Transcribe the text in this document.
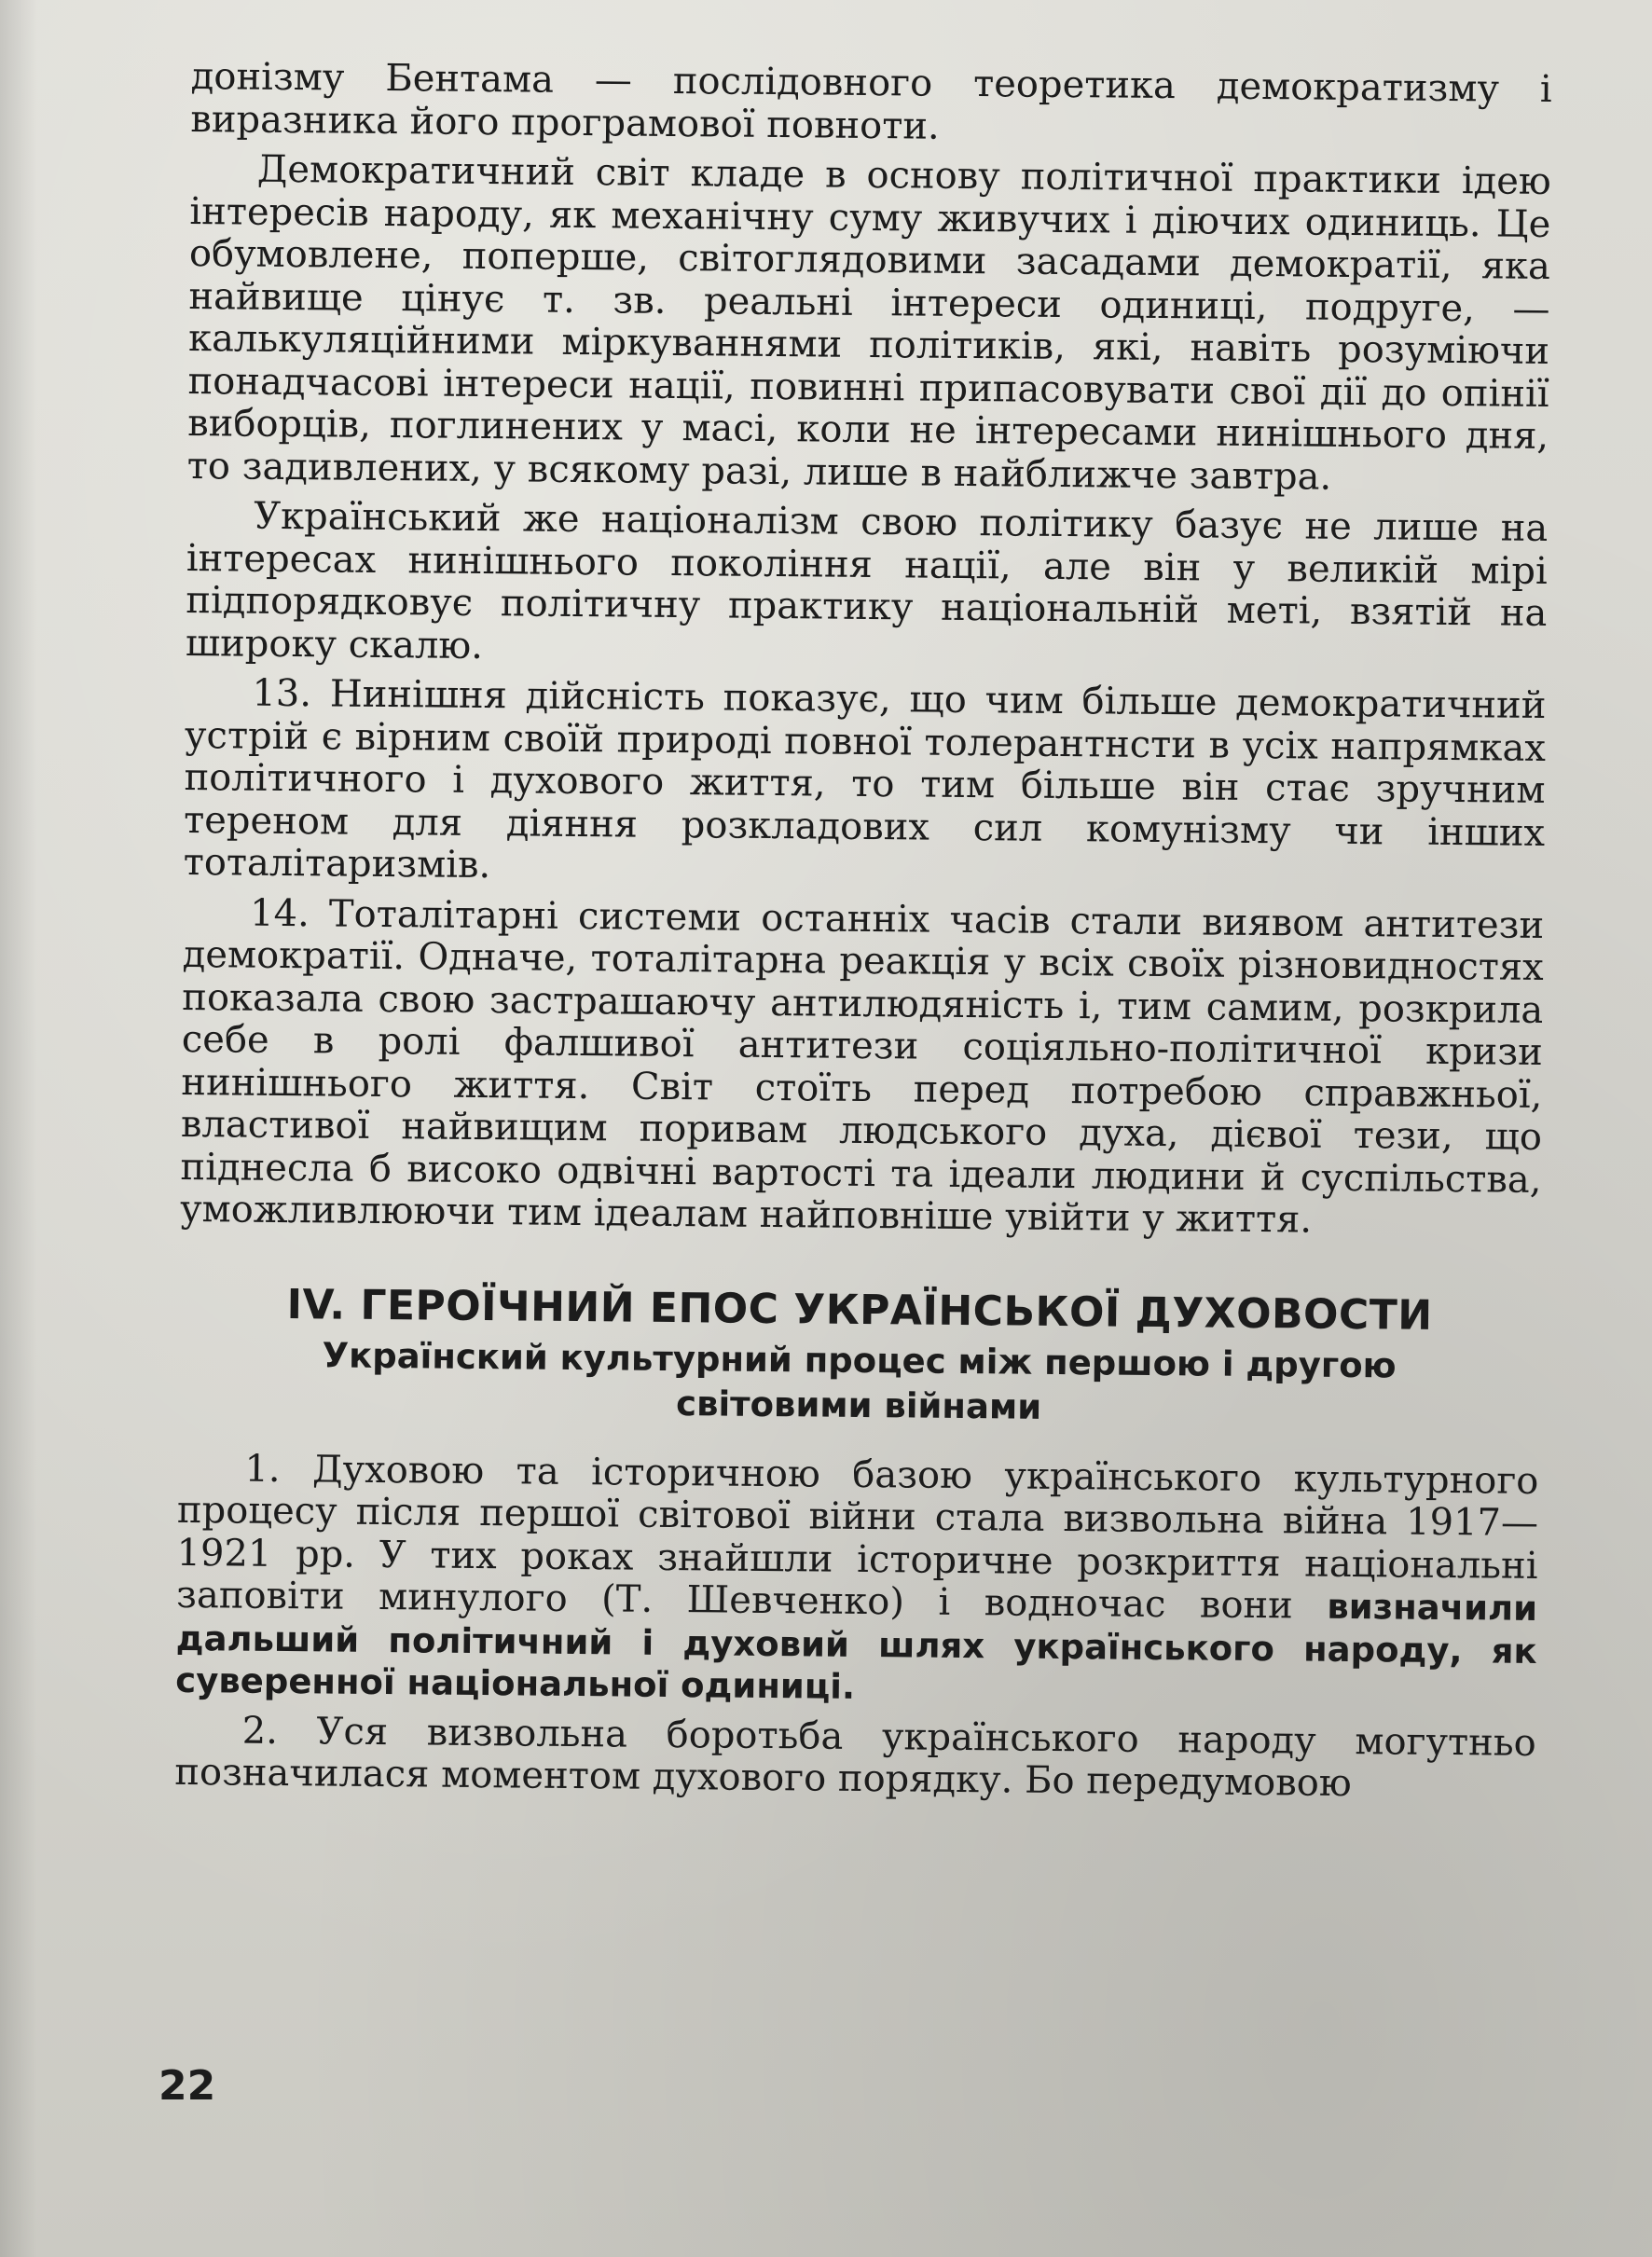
донізму Бентама — послідовного теоретика демократизму і виразника його програмової повноти.

Демократичний світ кладе в основу політичної практики ідею інтересів народу, як механічну суму живучих і діючих одиниць. Це обумовлене, поперше, світоглядовими засадами демократії, яка найвище цінує т. зв. реальні інтереси одиниці, подруге, — калькуляційними міркуваннями політиків, які, навіть розуміючи понадчасові інтереси нації, повинні припасовувати свої дії до опінії виборців, поглинених у масі, коли не інтересами нинішнього дня, то задивлених, у всякому разі, лише в найближче завтра.

Український же націоналізм свою політику базує не лише на інтересах нинішнього покоління нації, але він у великій мірі підпорядковує політичну практику національній меті, взятій на широку скалю.

13. Нинішня дійсність показує, що чим більше демократичний устрій є вірним своїй природі повної толерантнсти в усіх напрямках політичного і духового життя, то тим більше він стає зручним тереном для діяння розкладових сил комунізму чи інших тоталітаризмів.

14. Тоталітарні системи останніх часів стали виявом антитези демократії. Одначе, тоталітарна реакція у всіх своїх різновидностях показала свою застрашаючу антилюдяність і, тим самим, розкрила себе в ролі фалшивої антитези соціяльно-політичної кризи нинішнього життя. Світ стоїть перед потребою справжньої, властивої найвищим поривам людського духа, дієвої тези, що піднесла б високо одвічні вартості та ідеали людини й суспільства, уможливлюючи тим ідеалам найповніше увійти у життя.

IV. ГЕРОЇЧНИЙ ЕПОС УКРАЇНСЬКОЇ ДУХОВОСТИ
Українский культурний процес між першою і другою
світовими війнами

1. Духовою та історичною базою українського культурного процесу після першої світової війни стала визвольна війна 1917—1921 рр. У тих роках знайшли історичне розкриття національні заповіти минулого (Т. Шевченко) і водночас вони визначили дальший політичний і духовий шлях українського народу, як суверенної національної одиниці.

2. Уся визвольна боротьба українського народу могутньо позначилася моментом духового порядку. Бо передумовою

22
